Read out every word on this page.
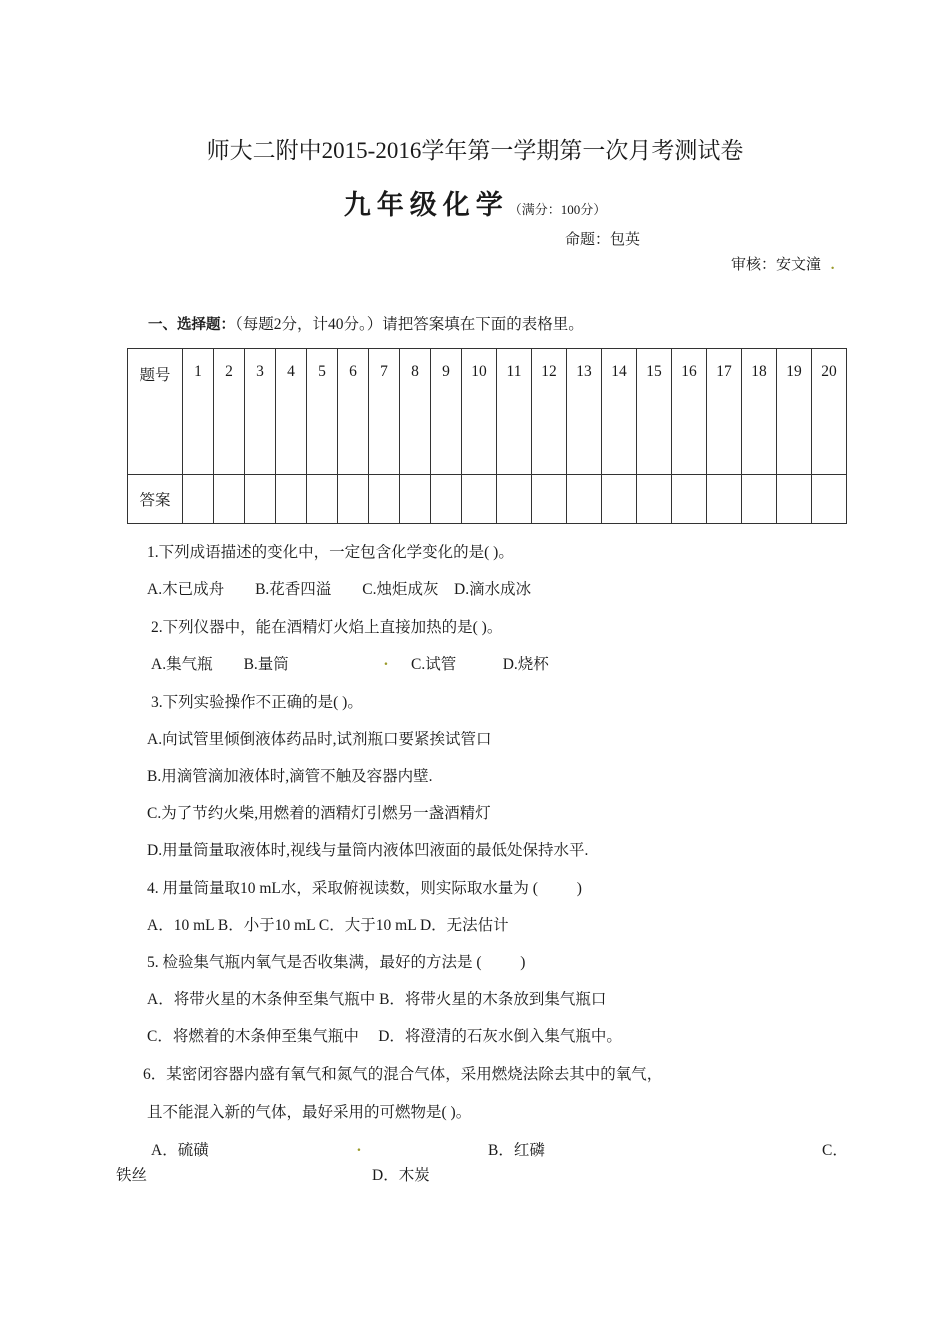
师大二附中2015-2016学年第一学期第一次月考测试卷
九年级化学（满分：100分）
命题：包英
审核：安文潼 .
一、选择题：（每题2分，计40分。）请把答案填在下面的表格里。
题号	1	2	3	4	5	6	7	8	9	10	11	12	13	14	15	16	17	18	19	20
答案																				
1.下列成语描述的变化中，一定包含化学变化的是( )。
A.木已成舟        B.花香四溢        C.烛炬成灰    D.滴水成冰
2.下列仪器中，能在酒精灯火焰上直接加热的是( )。
A.集气瓶        B.量筒	. C.试管            D.烧杯
3.下列实验操作不正确的是( )。
A.向试管里倾倒液体药品时,试剂瓶口要紧挨试管口
B.用滴管滴加液体时,滴管不触及容器内壁.
C.为了节约火柴,用燃着的酒精灯引燃另一盏酒精灯
D.用量筒量取液体时,视线与量筒内液体凹液面的最低处保持水平.
4. 用量筒量取10 mL水，采取俯视读数，则实际取水量为 (          )
A．10 mL B．小于10 mL C．大于10 mL D．无法估计
5. 检验集气瓶内氧气是否收集满，最好的方法是 (          )
A．将带火星的木条伸至集气瓶中 B．将带火星的木条放到集气瓶口
C．将燃着的木条伸至集气瓶中     D．将澄清的石灰水倒入集气瓶中。
6．某密闭容器内盛有氧气和氮气的混合气体，采用燃烧法除去其中的氧气，
且不能混入新的气体，最好采用的可燃物是( )。
A．硫磺	.	B．红磷	C．
铁丝	D．木炭
